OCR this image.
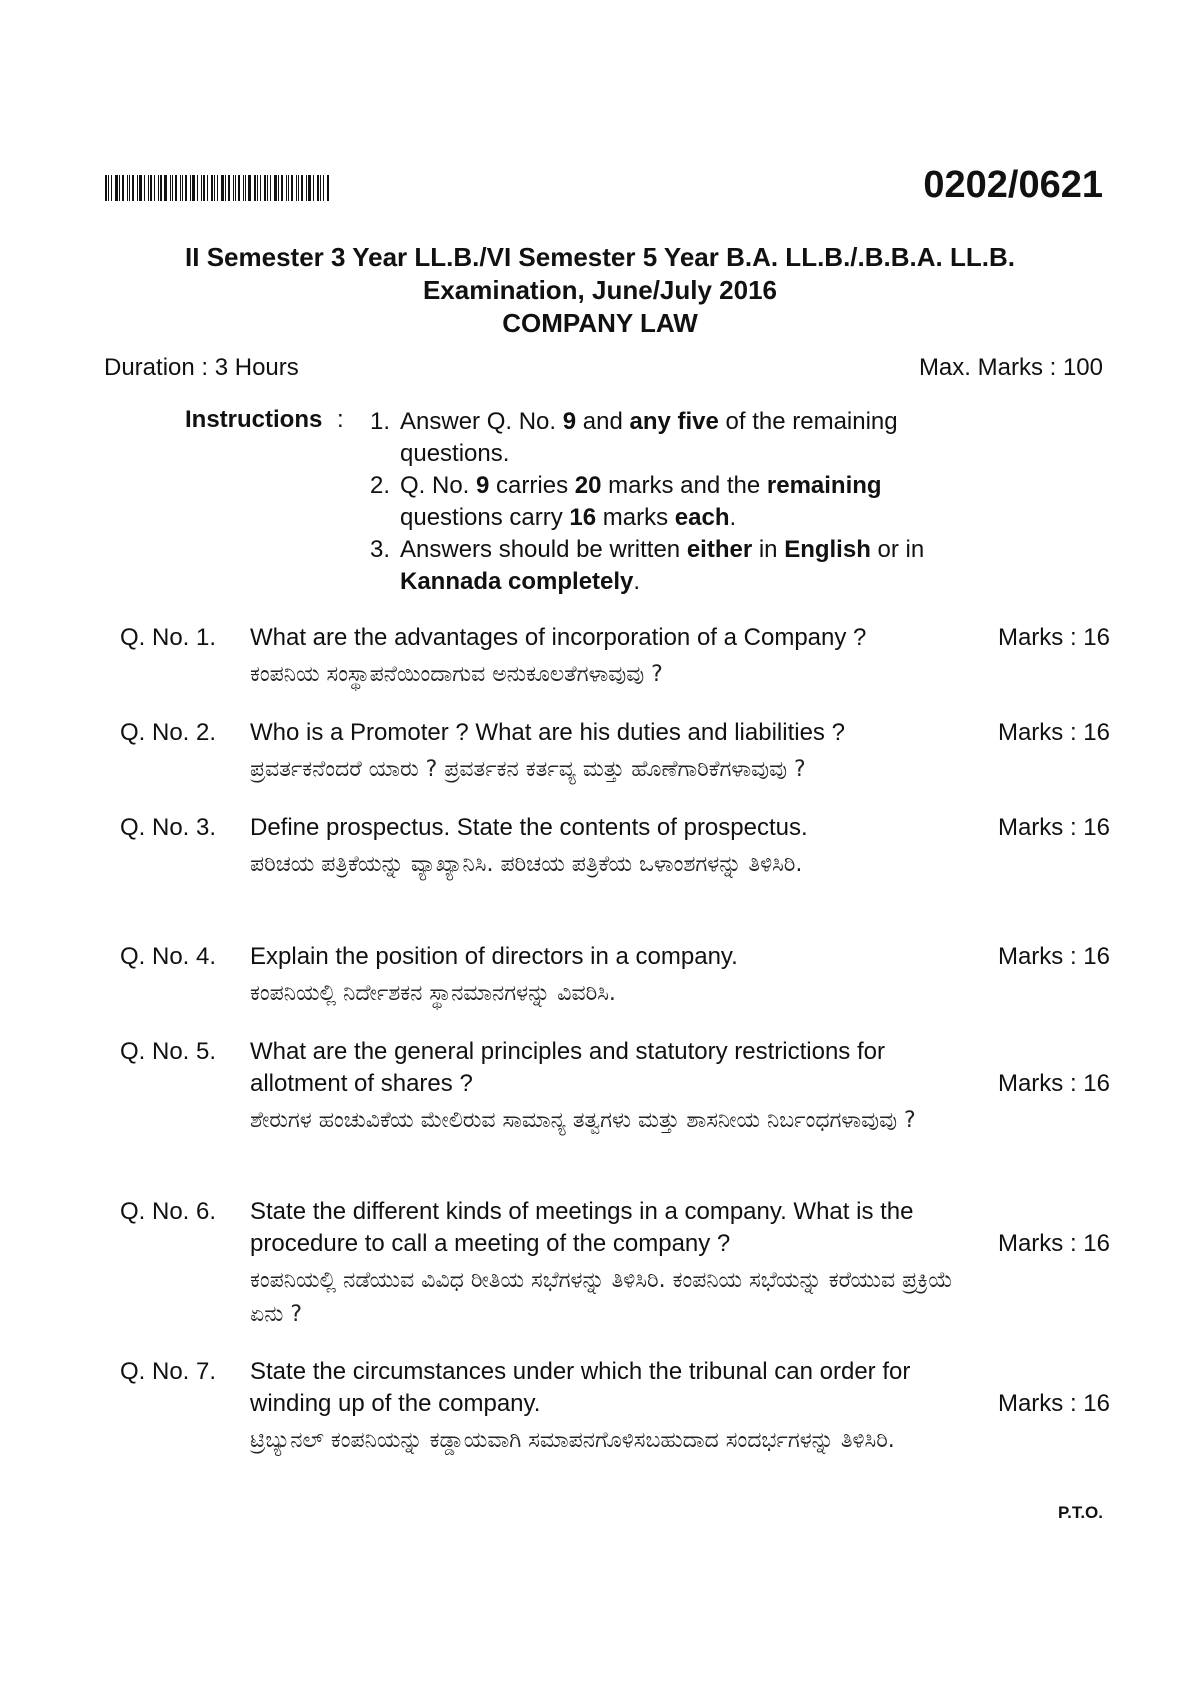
0202/0621
II Semester 3 Year LL.B./VI Semester 5 Year B.A. LL.B./.B.B.A. LL.B.
Examination, June/July 2016
COMPANY LAW
Duration : 3 Hours	Max. Marks : 100
Instructions :	1. Answer Q. No. 9 and any five of the remaining questions.
2. Q. No. 9 carries 20 marks and the remaining questions carry 16 marks each.
3. Answers should be written either in English or in Kannada completely.
Q. No. 1.	What are the advantages of incorporation of a Company ?
ಕಂಪನಿಯ ಸಂಸ್ಥಾಪನೆಯಿಂದಾಗುವ ಅನುಕೂಲತೆಗಳಾವುವು ?
Marks : 16
Q. No. 2.	Who is a Promoter ? What are his duties and liabilities ?
ಪ್ರವರ್ತಕನೆಂದರೆ ಯಾರು ? ಪ್ರವರ್ತಕನ ಕರ್ತವ್ಯ ಮತ್ತು ಹೊಣೆಗಾರಿಕೆಗಳಾವುವು ?
Marks : 16
Q. No. 3.	Define prospectus. State the contents of prospectus.
ಪರಿಚಯ ಪತ್ರಿಕೆಯನ್ನು ವ್ಯಾಖ್ಯಾನಿಸಿ. ಪರಿಚಯ ಪತ್ರಿಕೆಯ ಒಳಾಂಶಗಳನ್ನು ತಿಳಿಸಿರಿ.
Marks : 16
Q. No. 4.	Explain the position of directors in a company.
ಕಂಪನಿಯಲ್ಲಿ ನಿರ್ದೇಶಕನ ಸ್ಥಾನಮಾನಗಳನ್ನು ವಿವರಿಸಿ.
Marks : 16
Q. No. 5.	What are the general principles and statutory restrictions for allotment of shares ?
ಶೇರುಗಳ ಹಂಚುವಿಕೆಯ ಮೇಲಿರುವ ಸಾಮಾನ್ಯ ತತ್ವಗಳು ಮತ್ತು ಶಾಸನೀಯ ನಿರ್ಬಂಧಗಳಾವುವು ?
Marks : 16
Q. No. 6.	State the different kinds of meetings in a company. What is the procedure to call a meeting of the company ?
ಕಂಪನಿಯಲ್ಲಿ ನಡೆಯುವ ವಿವಿಧ ರೀತಿಯ ಸಭೆಗಳನ್ನು ತಿಳಿಸಿರಿ. ಕಂಪನಿಯ ಸಭೆಯನ್ನು ಕರೆಯುವ ಪ್ರಕ್ರಿಯೆ ಏನು ?
Marks : 16
Q. No. 7.	State the circumstances under which the tribunal can order for winding up of the company.
ಟ್ರಿಬ್ಯುನಲ್ ಕಂಪನಿಯನ್ನು ಕಡ್ಡಾಯವಾಗಿ ಸಮಾಪನಗೊಳಿಸಬಹುದಾದ ಸಂದರ್ಭಗಳನ್ನು ತಿಳಿಸಿರಿ.
Marks : 16
P.T.O.
